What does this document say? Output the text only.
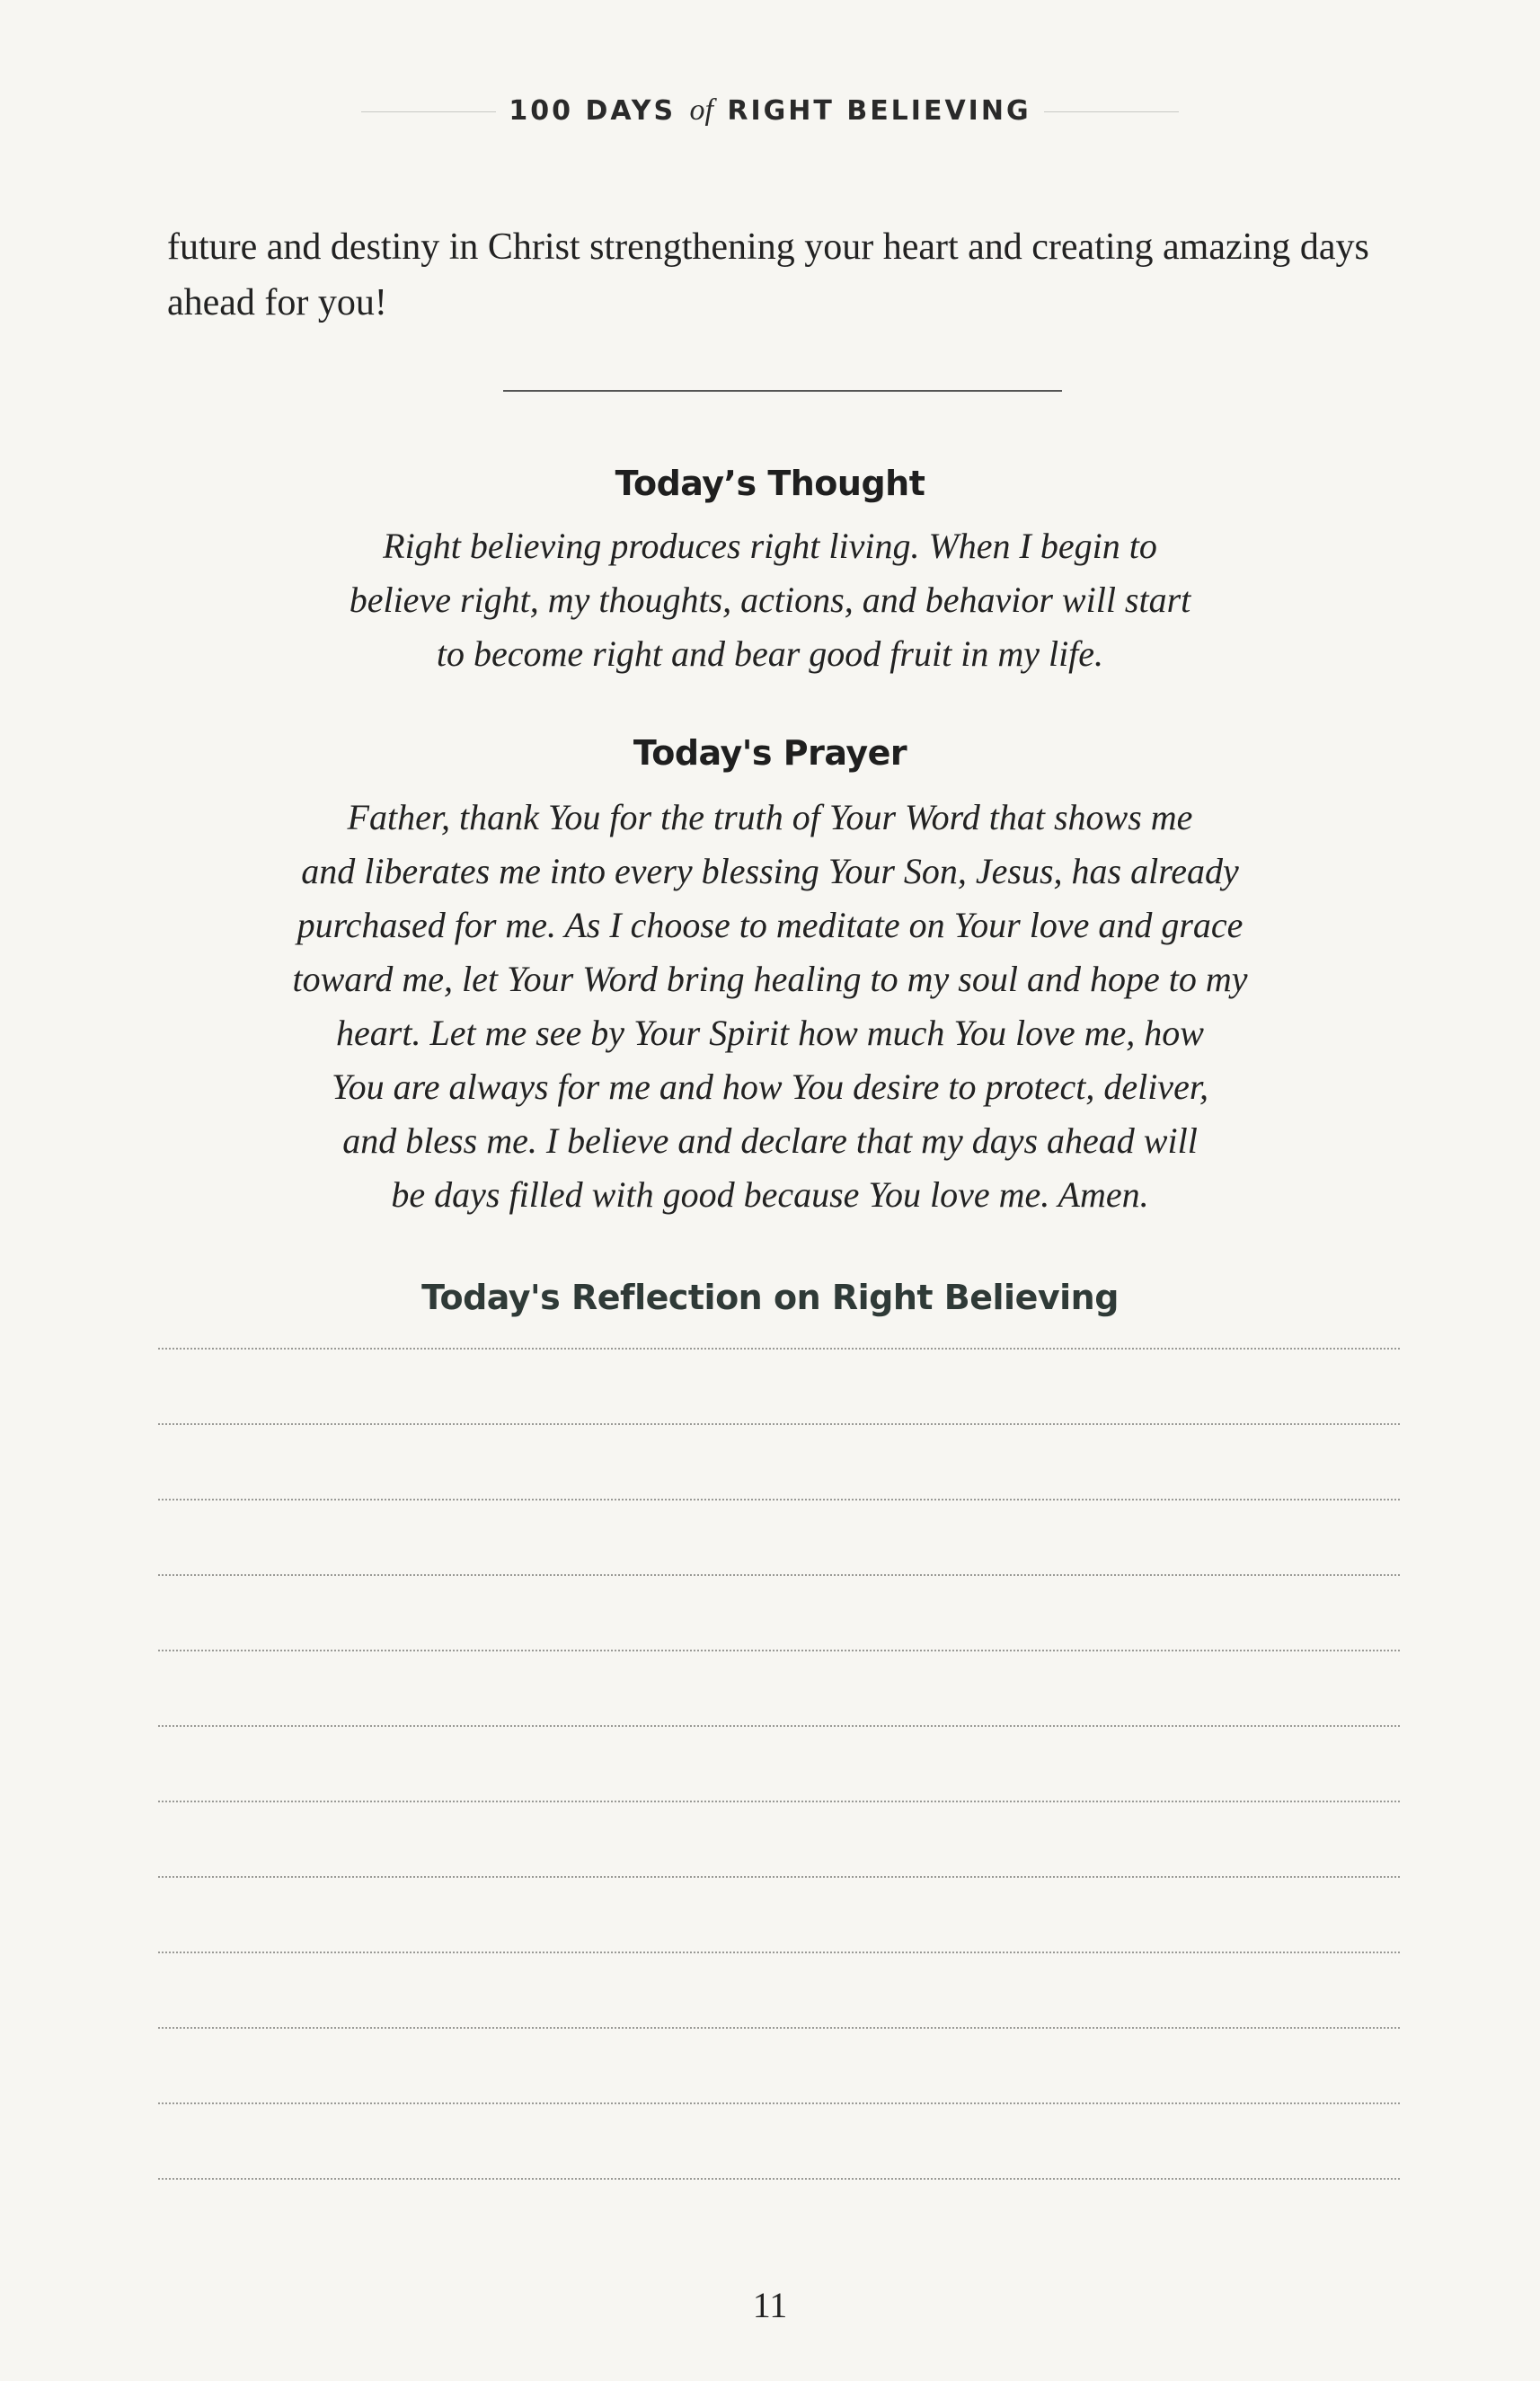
100 DAYS of RIGHT BELIEVING

future and destiny in Christ strengthening your heart and creating amazing days ahead for you!

Today’s Thought

Right believing produces right living. When I begin to
believe right, my thoughts, actions, and behavior will start
to become right and bear good fruit in my life.

Today's Prayer

Father, thank You for the truth of Your Word that shows me
and liberates me into every blessing Your Son, Jesus, has already
purchased for me. As I choose to meditate on Your love and grace
toward me, let Your Word bring healing to my soul and hope to my
heart. Let me see by Your Spirit how much You love me, how
You are always for me and how You desire to protect, deliver,
and bless me. I believe and declare that my days ahead will
be days filled with good because You love me. Amen.

Today's Reflection on Right Believing
11
